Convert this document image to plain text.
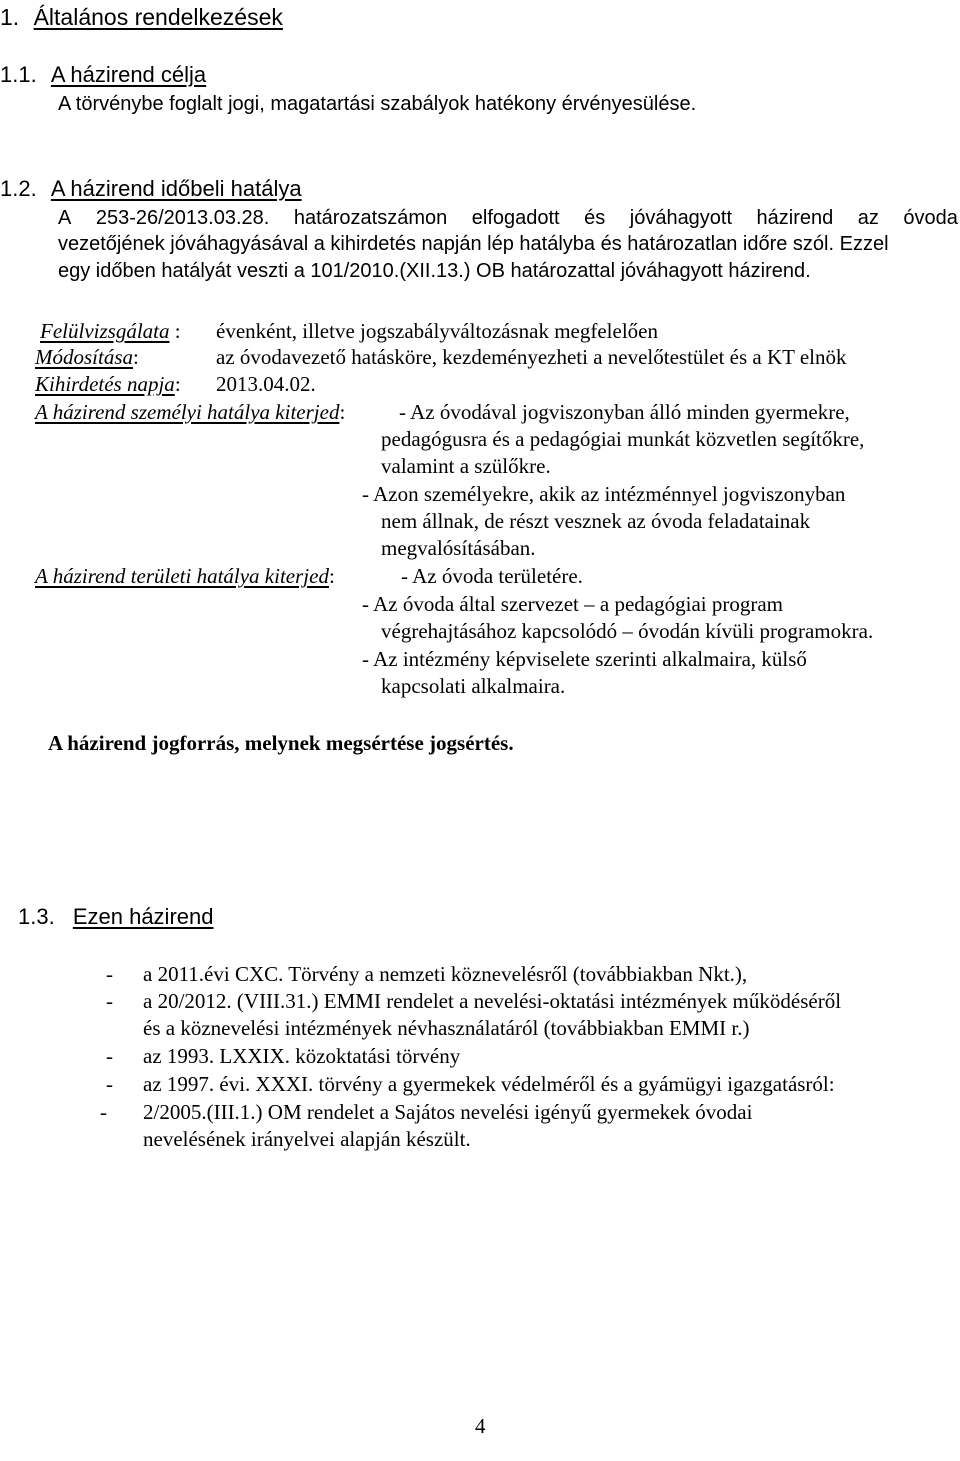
1. Általános rendelkezések
1.1. A házirend célja
A törvénybe foglalt jogi, magatartási szabályok hatékony érvényesülése.
1.2. A házirend időbeli hatálya
A 253-26/2013.03.28. határozatszámon elfogadott és jóváhagyott házirend az óvoda
vezetőjének jóváhagyásával a kihirdetés napján lép hatályba és határozatlan időre szól. Ezzel
egy időben hatályát veszti a 101/2010.(XII.13.) OB határozattal jóváhagyott házirend.
Felülvizsgálata : évenként, illetve jogszabályváltozásnak megfelelően
Módosítása:	az óvodavezető hatásköre, kezdeményezheti a nevelőtestület és a KT elnök
Kihirdetés napja: 2013.04.02.
A házirend személyi hatálya kiterjed:	- Az óvodával jogviszonyban álló minden gyermekre,
pedagógusra és a pedagógiai munkát közvetlen segítőkre,
valamint a szülőkre.
- Azon személyekre, akik az intézménnyel jogviszonyban
nem állnak, de részt vesznek az óvoda feladatainak
megvalósításában.
A házirend területi hatálya kiterjed:	- Az óvoda területére.
- Az óvoda által szervezet – a pedagógiai program
végrehajtásához kapcsolódó – óvodán kívüli programokra.
- Az intézmény képviselete szerinti alkalmaira, külső
kapcsolati alkalmaira.
A házirend jogforrás, melynek megsértése jogsértés.
1.3. Ezen házirend
- a 2011.évi CXC. Törvény a nemzeti köznevelésről (továbbiakban Nkt.),
- a 20/2012. (VIII.31.) EMMI rendelet a nevelési-oktatási intézmények működéséről
és a köznevelési intézmények névhasználatáról (továbbiakban EMMI r.)
- az 1993. LXXIX. közoktatási törvény
- az 1997. évi. XXXI. törvény a gyermekek védelméről és a gyámügyi igazgatásról:
- 2/2005.(III.1.) OM rendelet a Sajátos nevelési igényű gyermekek óvodai
nevelésének irányelvei alapján készült.
4
